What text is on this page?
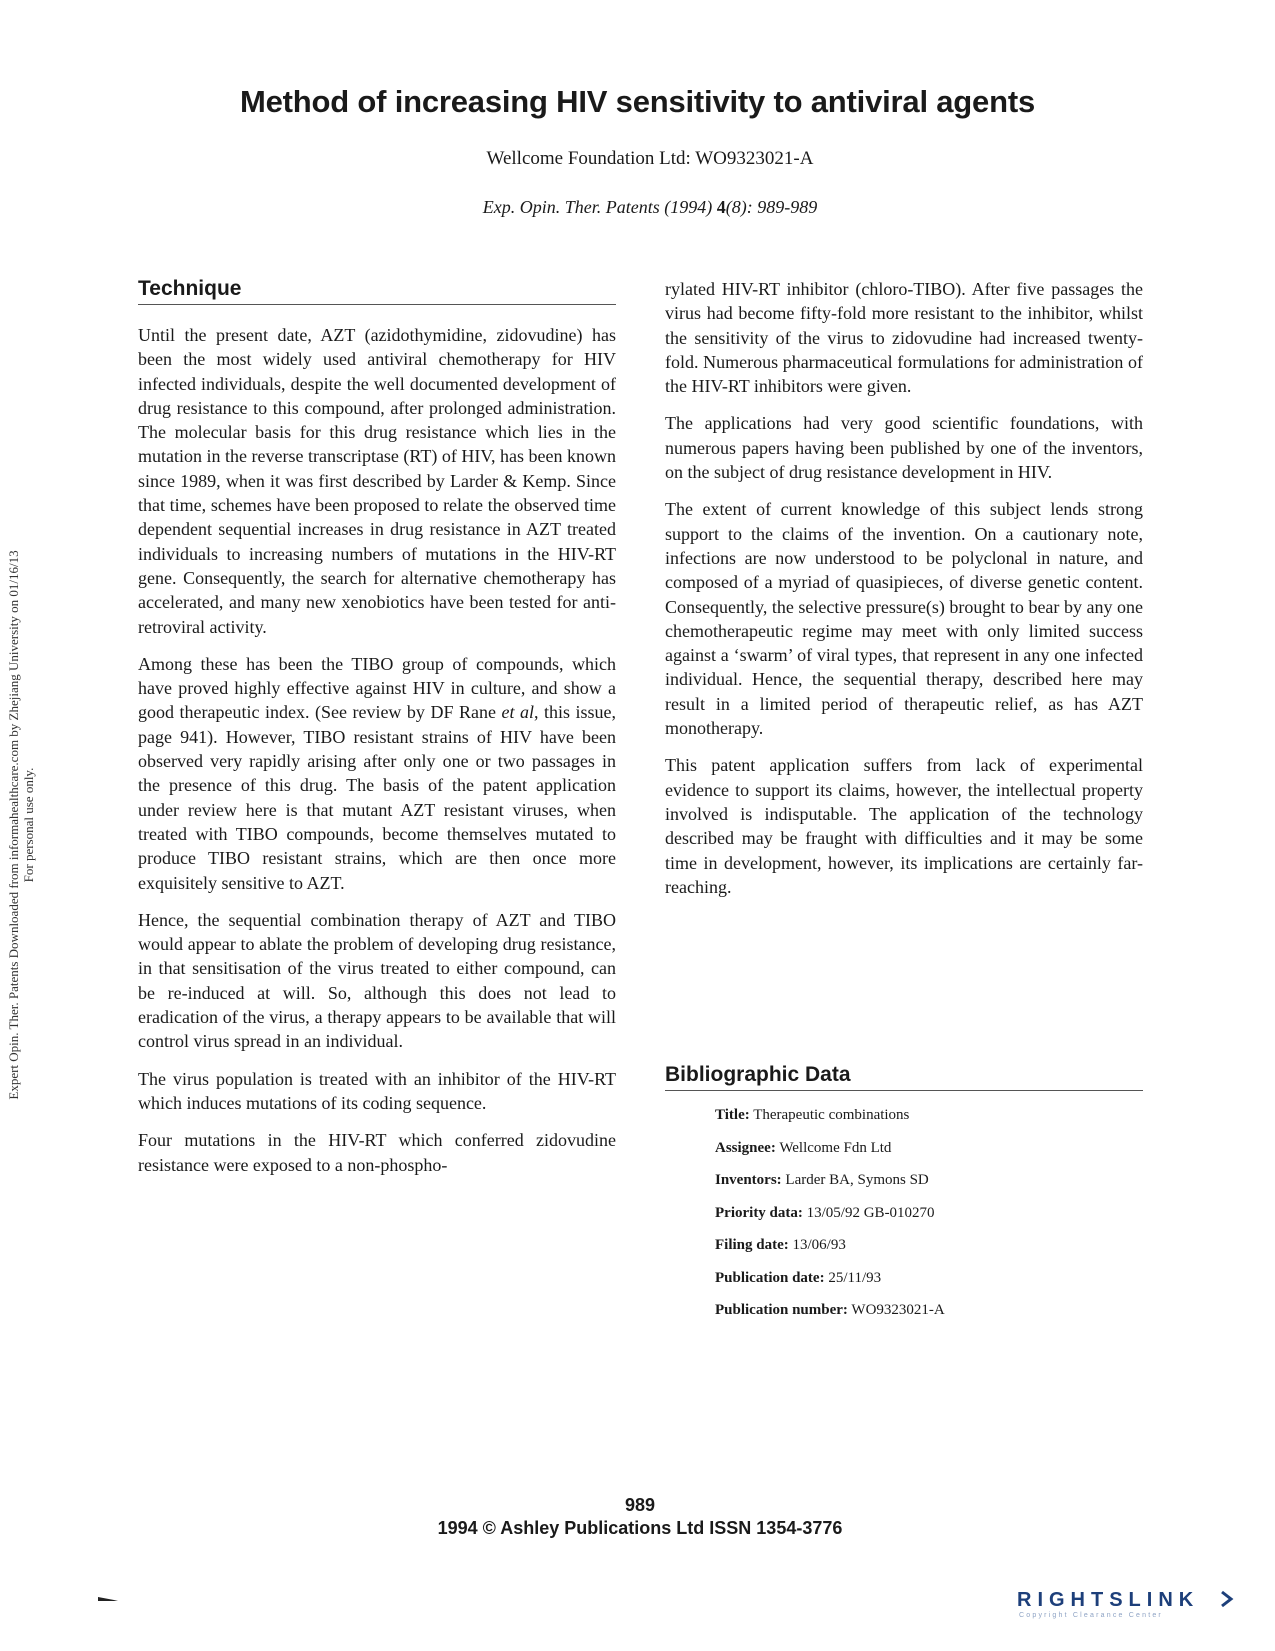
Expert Opin. Ther. Patents Downloaded from informahealthcare.com by Zhejiang University on 01/16/13 For personal use only.
Method of increasing HIV sensitivity to antiviral agents
Wellcome Foundation Ltd: WO9323021-A
Exp. Opin. Ther. Patents (1994) 4(8): 989-989
Technique

Until the present date, AZT (azidothymidine, zidovudine) has been the most widely used antiviral chemotherapy for HIV infected individuals, despite the well documented development of drug resistance to this compound, after prolonged administration. The molecular basis for this drug resistance which lies in the mutation in the reverse transcriptase (RT) of HIV, has been known since 1989, when it was first described by Larder & Kemp. Since that time, schemes have been proposed to relate the observed time dependent sequential increases in drug resistance in AZT treated individuals to increasing numbers of mutations in the HIV-RT gene. Consequently, the search for alternative chemotherapy has accelerated, and many new xenobiotics have been tested for anti-retroviral activity.

Among these has been the TIBO group of compounds, which have proved highly effective against HIV in culture, and show a good therapeutic index. (See review by DF Rane et al, this issue, page 941). However, TIBO resistant strains of HIV have been observed very rapidly arising after only one or two passages in the presence of this drug. The basis of the patent application under review here is that mutant AZT resistant viruses, when treated with TIBO compounds, become themselves mutated to produce TIBO resistant strains, which are then once more exquisitely sensitive to AZT.

Hence, the sequential combination therapy of AZT and TIBO would appear to ablate the problem of developing drug resistance, in that sensitisation of the virus treated to either compound, can be re-induced at will. So, although this does not lead to eradication of the virus, a therapy appears to be available that will control virus spread in an individual.

The virus population is treated with an inhibitor of the HIV-RT which induces mutations of its coding sequence.

Four mutations in the HIV-RT which conferred zidovudine resistance were exposed to a non-phospho-

rylated HIV-RT inhibitor (chloro-TIBO). After five passages the virus had become fifty-fold more resistant to the inhibitor, whilst the sensitivity of the virus to zidovudine had increased twenty-fold. Numerous pharmaceutical formulations for administration of the HIV-RT inhibitors were given.

The applications had very good scientific foundations, with numerous papers having been published by one of the inventors, on the subject of drug resistance development in HIV.

The extent of current knowledge of this subject lends strong support to the claims of the invention. On a cautionary note, infections are now understood to be polyclonal in nature, and composed of a myriad of quasipieces, of diverse genetic content. Consequently, the selective pressure(s) brought to bear by any one chemotherapeutic regime may meet with only limited success against a ‘swarm’ of viral types, that represent in any one infected individual. Hence, the sequential therapy, described here may result in a limited period of therapeutic relief, as has AZT monotherapy.

This patent application suffers from lack of experimental evidence to support its claims, however, the intellectual property involved is indisputable. The application of the technology described may be fraught with difficulties and it may be some time in development, however, its implications are certainly far-reaching.

Bibliographic Data
Title: Therapeutic combinations
Assignee: Wellcome Fdn Ltd
Inventors: Larder BA, Symons SD
Priority data: 13/05/92 GB-010270
Filing date: 13/06/93
Publication date: 25/11/93
Publication number: WO9323021-A
989
1994 © Ashley Publications Ltd ISSN 1354-3776
RIGHTSLINK
Copyright Clearance Center
